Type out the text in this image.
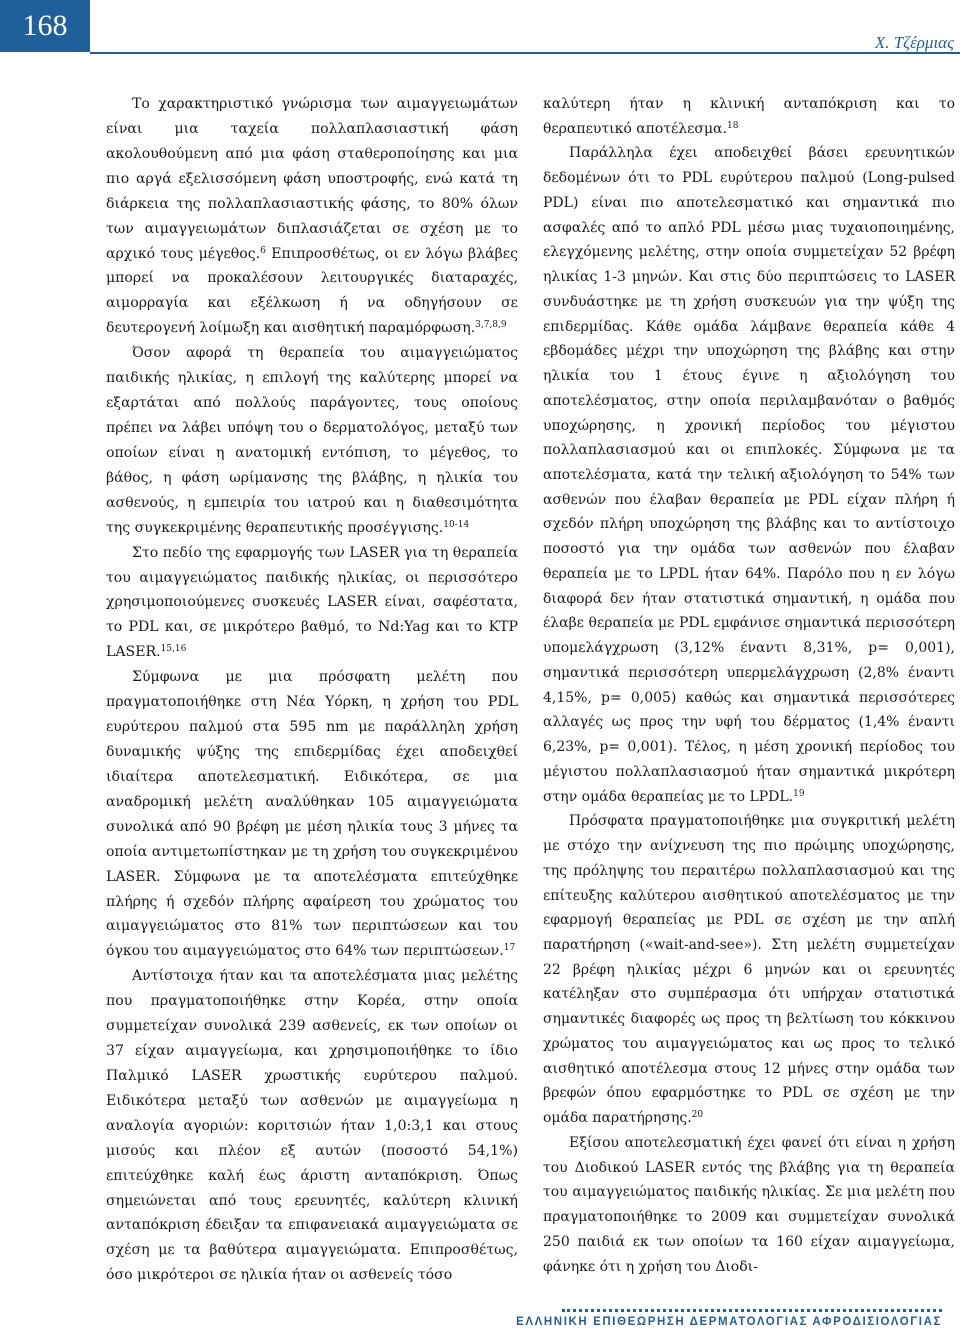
168
Χ. Τζέρμιας

Το χαρακτηριστικό γνώρισμα των αιμαγγειωμάτων είναι μια ταχεία πολλαπλασιαστική φάση ακολουθούμενη από μια φάση σταθεροποίησης και μια πιο αργά εξελισσόμενη φάση υποστροφής, ενώ κατά τη διάρκεια της πολλαπλασιαστικής φάσης, το 80% όλων των αιμαγγειωμάτων διπλασιάζεται σε σχέση με το αρχικό τους μέγεθος.$^6$ Επιπροσθέτως, οι εν λόγω βλάβες μπορεί να προκαλέσουν λειτουργικές διαταραχές, αιμορραγία και εξέλκωση ή να οδηγήσουν σε δευτερογενή λοίμωξη και αισθητική παραμόρφωση.$^{3,7,8,9}$

Όσον αφορά τη θεραπεία του αιμαγγειώματος παιδικής ηλικίας, η επιλογή της καλύτερης μπορεί να εξαρτάται από πολλούς παράγοντες, τους οποίους πρέπει να λάβει υπόψη του ο δερματολόγος, μεταξύ των οποίων είναι η ανατομική εντόπιση, το μέγεθος, το βάθος, η φάση ωρίμανσης της βλάβης, η ηλικία του ασθενούς, η εμπειρία του ιατρού και η διαθεσιμότητα της συγκεκριμένης θεραπευτικής προσέγγισης.$^{10-14}$

Στο πεδίο της εφαρμογής των LASER για τη θεραπεία του αιμαγγειώματος παιδικής ηλικίας, οι περισσότερο χρησιμοποιούμενες συσκευές LASER είναι, σαφέστατα, το PDL και, σε μικρότερο βαθμό, το Nd:Yag και το KTP LASER.$^{15,16}$

Σύμφωνα με μια πρόσφατη μελέτη που πραγματοποιήθηκε στη Νέα Υόρκη, η χρήση του PDL ευρύτερου παλμού στα 595 nm με παράλληλη χρήση δυναμικής ψύξης της επιδερμίδας έχει αποδειχθεί ιδιαίτερα αποτελεσματική. Ειδικότερα, σε μια αναδρομική μελέτη αναλύθηκαν 105 αιμαγγειώματα συνολικά από 90 βρέφη με μέση ηλικία τους 3 μήνες τα οποία αντιμετωπίστηκαν με τη χρήση του συγκεκριμένου LASER. Σύμφωνα με τα αποτελέσματα επιτεύχθηκε πλήρης ή σχεδόν πλήρης αφαίρεση του χρώματος του αιμαγγειώματος στο 81% των περιπτώσεων και του όγκου του αιμαγγειώματος στο 64% των περιπτώσεων.$^{17}$

Αντίστοιχα ήταν και τα αποτελέσματα μιας μελέτης που πραγματοποιήθηκε στην Κορέα, στην οποία συμμετείχαν συνολικά 239 ασθενείς, εκ των οποίων οι 37 είχαν αιμαγγείωμα, και χρησιμοποιήθηκε το ίδιο Παλμικό LASER χρωστικής ευρύτερου παλμού. Ειδικότερα μεταξύ των ασθενών με αιμαγγείωμα η αναλογία αγοριών: κοριτσιών ήταν 1,0:3,1 και στους μισούς και πλέον εξ αυτών (ποσοστό 54,1%) επιτεύχθηκε καλή έως άριστη ανταπόκριση. Όπως σημειώνεται από τους ερευνητές, καλύτερη κλινική ανταπόκριση έδειξαν τα επιφανειακά αιμαγγειώματα σε σχέση με τα βαθύτερα αιμαγγειώματα. Επιπροσθέτως, όσο μικρότεροι σε ηλικία ήταν οι ασθενείς τόσο

καλύτερη ήταν η κλινική ανταπόκριση και το θεραπευτικό αποτέλεσμα.$^{18}$

Παράλληλα έχει αποδειχθεί βάσει ερευνητικών δεδομένων ότι το PDL ευρύτερου παλμού (Long-pulsed PDL) είναι πιο αποτελεσματικό και σημαντικά πιο ασφαλές από το απλό PDL μέσω μιας τυχαιοποιημένης, ελεγχόμενης μελέτης, στην οποία συμμετείχαν 52 βρέφη ηλικίας 1-3 μηνών. Και στις δύο περιπτώσεις το LASER συνδυάστηκε με τη χρήση συσκευών για την ψύξη της επιδερμίδας. Κάθε ομάδα λάμβανε θεραπεία κάθε 4 εβδομάδες μέχρι την υποχώρηση της βλάβης και στην ηλικία του 1 έτους έγινε η αξιολόγηση του αποτελέσματος, στην οποία περιλαμβανόταν ο βαθμός υποχώρησης, η χρονική περίοδος του μέγιστου πολλαπλασιασμού και οι επιπλοκές. Σύμφωνα με τα αποτελέσματα, κατά την τελική αξιολόγηση το 54% των ασθενών που έλαβαν θεραπεία με PDL είχαν πλήρη ή σχεδόν πλήρη υποχώρηση της βλάβης και το αντίστοιχο ποσοστό για την ομάδα των ασθενών που έλαβαν θεραπεία με το LPDL ήταν 64%. Παρόλο που η εν λόγω διαφορά δεν ήταν στατιστικά σημαντική, η ομάδα που έλαβε θεραπεία με PDL εμφάνισε σημαντικά περισσότερη υπομελάγχρωση (3,12% έναντι 8,31%, p= 0,001), σημαντικά περισσότερη υπερμελάγχρωση (2,8% έναντι 4,15%, p= 0,005) καθώς και σημαντικά περισσότερες αλλαγές ως προς την υφή του δέρματος (1,4% έναντι 6,23%, p= 0,001). Τέλος, η μέση χρονική περίοδος του μέγιστου πολλαπλασιασμού ήταν σημαντικά μικρότερη στην ομάδα θεραπείας με το LPDL.$^{19}$

Πρόσφατα πραγματοποιήθηκε μια συγκριτική μελέτη με στόχο την ανίχνευση της πιο πρώιμης υποχώρησης, της πρόληψης του περαιτέρω πολλαπλασιασμού και της επίτευξης καλύτερου αισθητικού αποτελέσματος με την εφαρμογή θεραπείας με PDL σε σχέση με την απλή παρατήρηση («wait-and-see»). Στη μελέτη συμμετείχαν 22 βρέφη ηλικίας μέχρι 6 μηνών και οι ερευνητές κατέληξαν στο συμπέρασμα ότι υπήρχαν στατιστικά σημαντικές διαφορές ως προς τη βελτίωση του κόκκινου χρώματος του αιμαγγειώματος και ως προς το τελικό αισθητικό αποτέλεσμα στους 12 μήνες στην ομάδα των βρεφών όπου εφαρμόστηκε το PDL σε σχέση με την ομάδα παρατήρησης.$^{20}$

Εξίσου αποτελεσματική έχει φανεί ότι είναι η χρήση του Διοδικού LASER εντός της βλάβης για τη θεραπεία του αιμαγγειώματος παιδικής ηλικίας. Σε μια μελέτη που πραγματοποιήθηκε το 2009 και συμμετείχαν συνολικά 250 παιδιά εκ των οποίων τα 160 είχαν αιμαγγείωμα, φάνηκε ότι η χρήση του Διοδι-

ΕΛΛΗΝΙΚΗ ΕΠΙΘΕΩΡΗΣΗ ΔΕΡΜΑΤΟΛΟΓΙΑΣ ΑΦΡΟΔΙΣΙΟΛΟΓΙΑΣ
